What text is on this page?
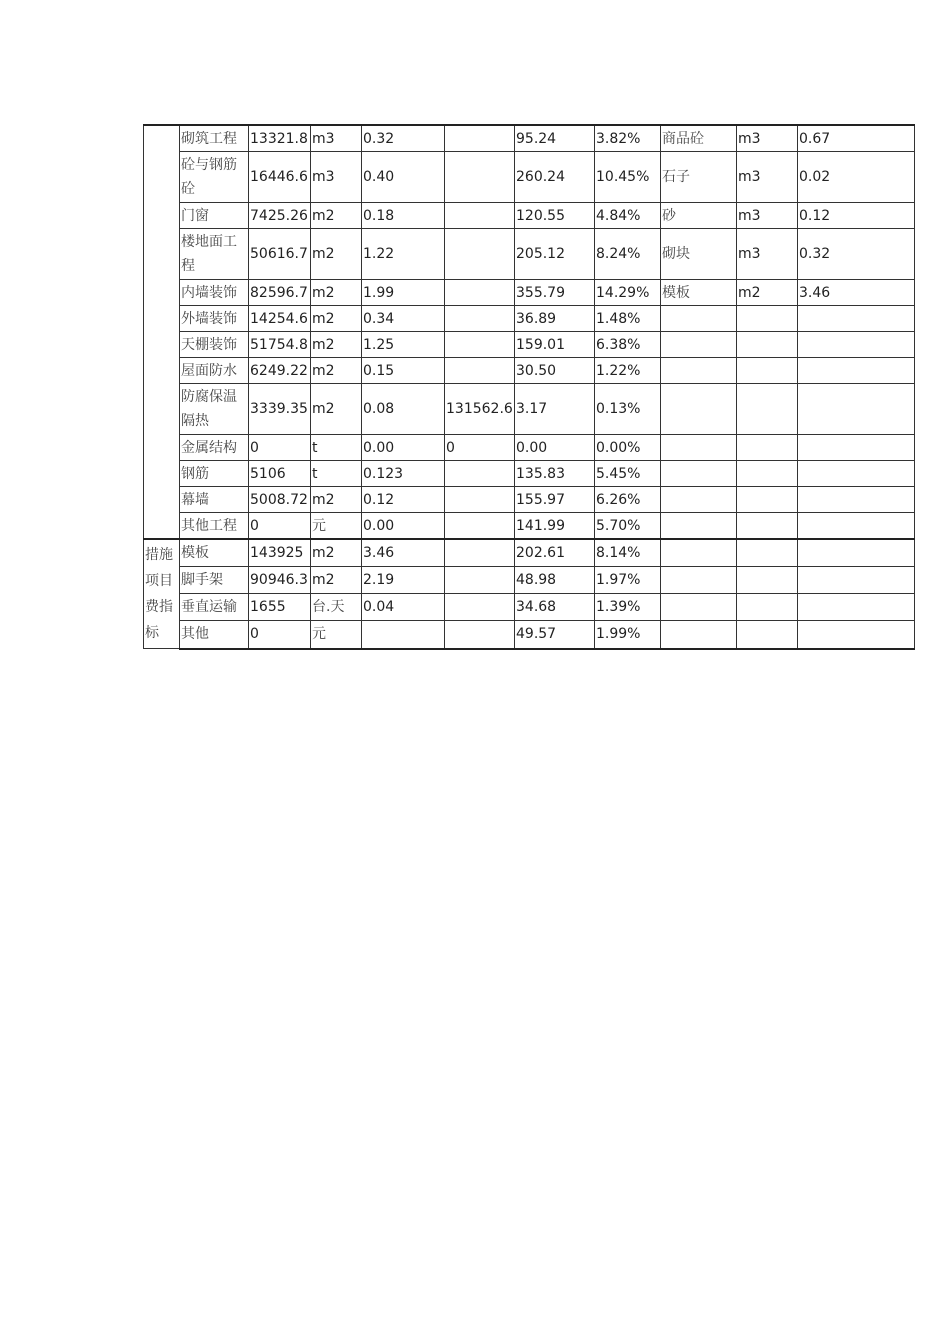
	砌筑工程	13321.8	m3	0.32		95.24	3.82%	商品砼	m3	0.67
	砼与钢筋砼	16446.6	m3	0.40		260.24	10.45%	石子	m3	0.02
	门窗	7425.26	m2	0.18		120.55	4.84%	砂	m3	0.12
	楼地面工程	50616.7	m2	1.22		205.12	8.24%	砌块	m3	0.32
	内墙装饰	82596.7	m2	1.99		355.79	14.29%	模板	m2	3.46
	外墙装饰	14254.6	m2	0.34		36.89	1.48%			
	天棚装饰	51754.8	m2	1.25		159.01	6.38%			
	屋面防水	6249.22	m2	0.15		30.50	1.22%			
	防腐保温隔热	3339.35	m2	0.08	131562.6	3.17	0.13%			
	金属结构	0	t	0.00	0	0.00	0.00%			
	钢筋	5106	t	0.123		135.83	5.45%			
	幕墙	5008.72	m2	0.12		155.97	6.26%			
	其他工程	0	元	0.00		141.99	5.70%			

措施项目费指标	模板	143925	m2	3.46		202.61	8.14%			
	脚手架	90946.3	m2	2.19		48.98	1.97%			
	垂直运输	1655	台.天	0.04		34.68	1.39%			
	其他	0	元			49.57	1.99%			
